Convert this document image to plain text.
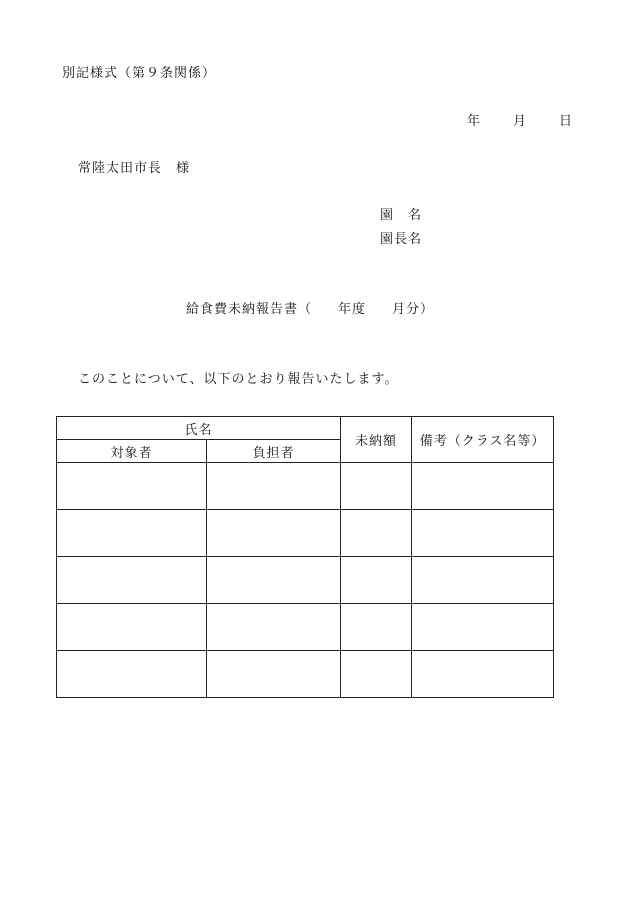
別記様式（第９条関係）
年 月 日
常陸太田市長　様
園　名
園長名
給食費未納報告書（ 年度 月分）
このことについて、以下のとおり報告いたします。
氏名		未納額	備考（クラス名等）
対象者	負担者		
